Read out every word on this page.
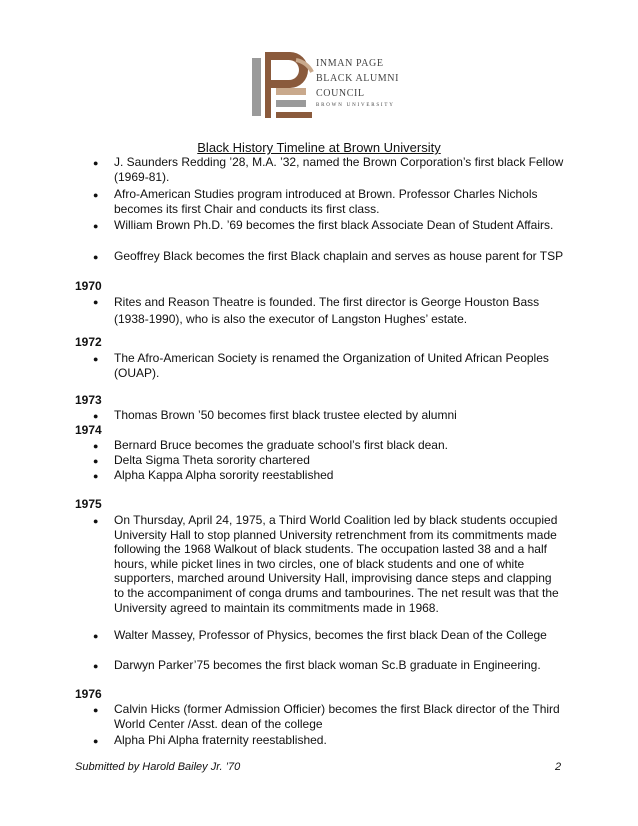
INMAN PAGE
BLACK ALUMNI
COUNCIL
BROWN UNIVERSITY
Black History Timeline at Brown University
● J. Saunders Redding ’28, M.A. ’32, named the Brown Corporation’s first black Fellow (1969-81).
● Afro-American Studies program introduced at Brown. Professor Charles Nichols becomes its first Chair and conducts its first class.
● William Brown Ph.D. ’69 becomes the first black Associate Dean of Student Affairs.
● Geoffrey Black becomes the first Black chaplain and serves as house parent for TSP
1970
● Rites and Reason Theatre is founded. The first director is George Houston Bass (1938-1990), who is also the executor of Langston Hughes’ estate.
1972
● The Afro-American Society is renamed the Organization of United African Peoples (OUAP).
1973
● Thomas Brown ’50 becomes first black trustee elected by alumni
1974
● Bernard Bruce becomes the graduate school’s first black dean.
● Delta Sigma Theta sorority chartered
● Alpha Kappa Alpha sorority reestablished
1975
● On Thursday, April 24, 1975, a Third World Coalition led by black students occupied University Hall to stop planned University retrenchment from its commitments made following the 1968 Walkout of black students. The occupation lasted 38 and a half hours, while picket lines in two circles, one of black students and one of white supporters, marched around University Hall, improvising dance steps and clapping to the accompaniment of conga drums and tambourines. The net result was that the University agreed to maintain its commitments made in 1968.
● Walter Massey, Professor of Physics, becomes the first black Dean of the College
● Darwyn Parker’75 becomes the first black woman Sc.B graduate in Engineering.
1976
● Calvin Hicks (former Admission Officier) becomes the first Black director of the Third World Center /Asst. dean of the college
● Alpha Phi Alpha fraternity reestablished.
Submitted by Harold Bailey Jr. ’70	2
